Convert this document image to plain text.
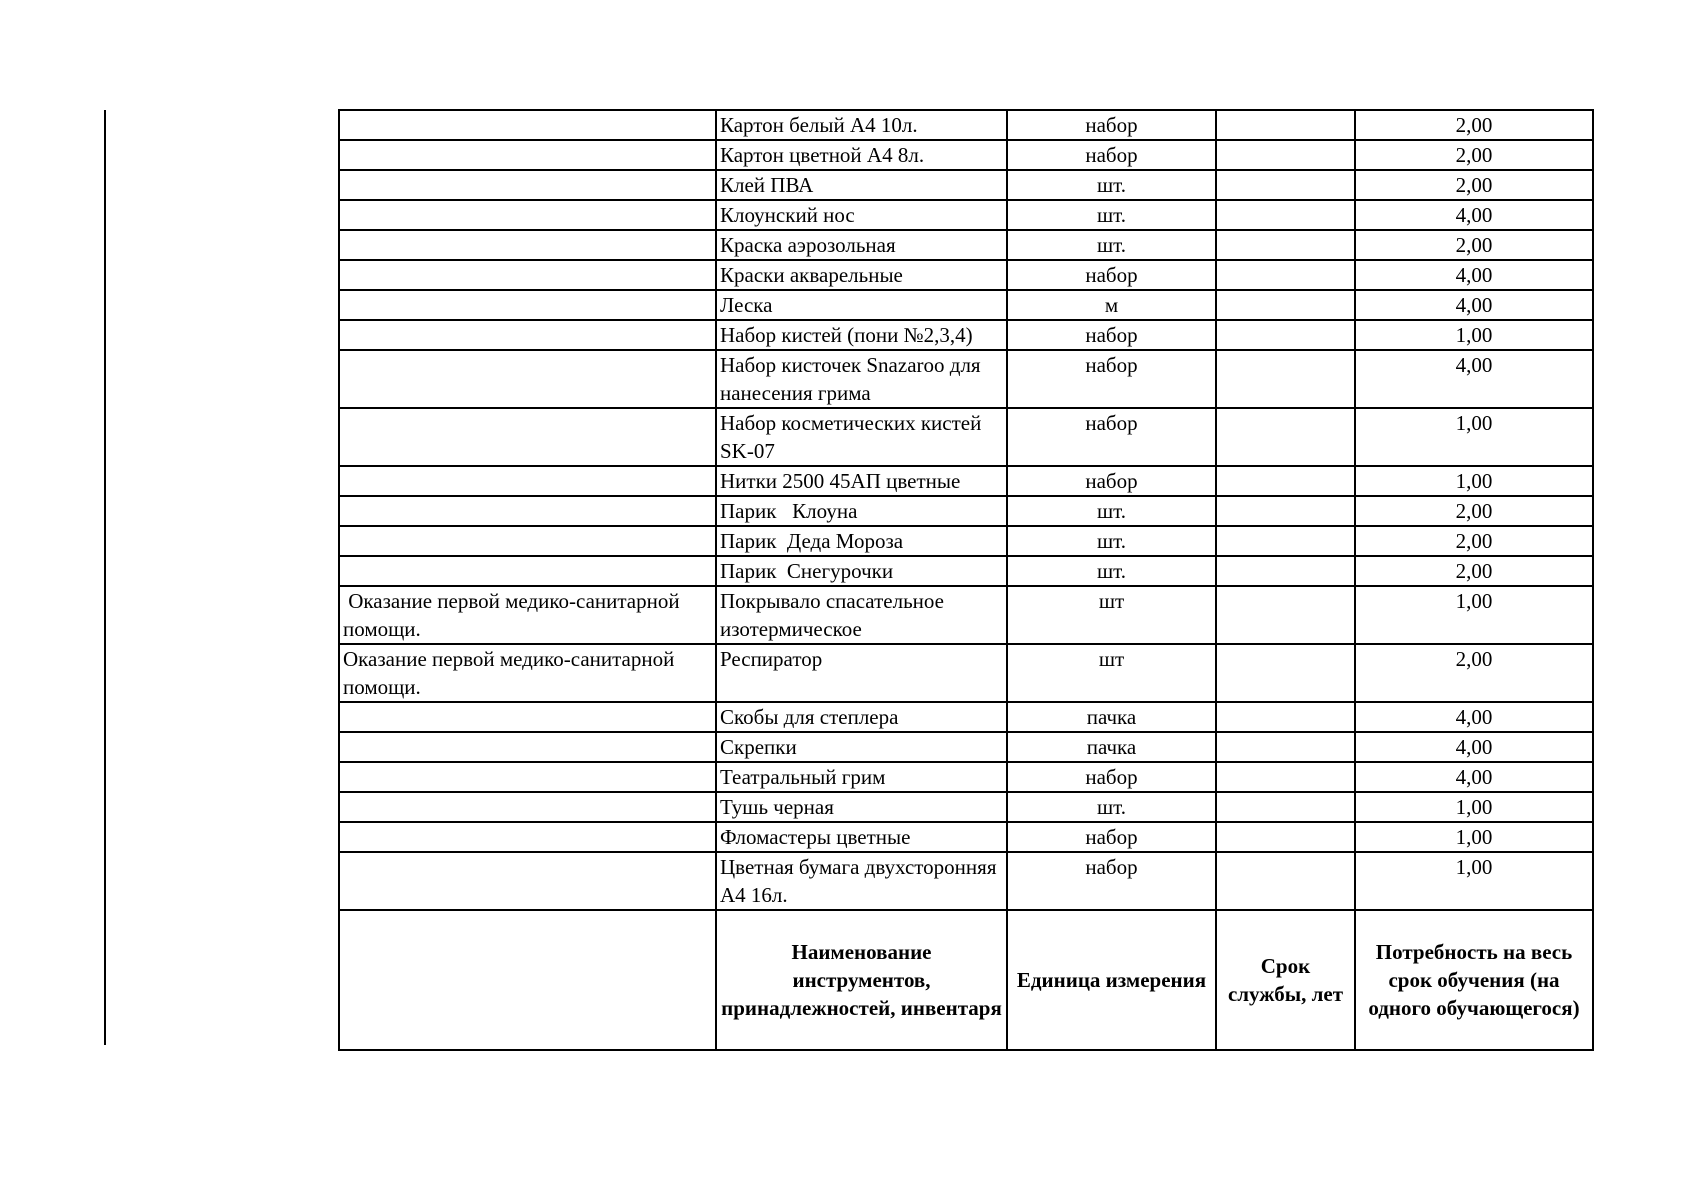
	Картон белый А4 10л.	набор		2,00
	Картон цветной А4 8л.	набор		2,00
	Клей ПВА	шт.		2,00
	Клоунский нос	шт.		4,00
	Краска аэрозольная	шт.		2,00
	Краски акварельные	набор		4,00
	Леска	м		4,00
	Набор кистей (пони №2,3,4)	набор		1,00
	Набор кисточек Snazaroo для нанесения грима	набор		4,00
	Набор косметических кистей SK-07	набор		1,00
	Нитки 2500 45АП цветные	набор		1,00
	Парик   Клоуна	шт.		2,00
	Парик  Деда Мороза	шт.		2,00
	Парик  Снегурочки	шт.		2,00
Оказание первой медико-санитарной помощи.	Покрывало спасательное изотермическое	шт		1,00
Оказание первой медико-санитарной помощи.	Респиратор	шт		2,00
	Скобы для степлера	пачка		4,00
	Скрепки	пачка		4,00
	Театральный грим	набор		4,00
	Тушь черная	шт.		1,00
	Фломастеры цветные	набор		1,00
	Цветная бумага двухсторонняя А4 16л.	набор		1,00
	Наименование инструментов, принадлежностей, инвентаря	Единица измерения	Срок службы, лет	Потребность на весь срок обучения (на одного обучающегося)
